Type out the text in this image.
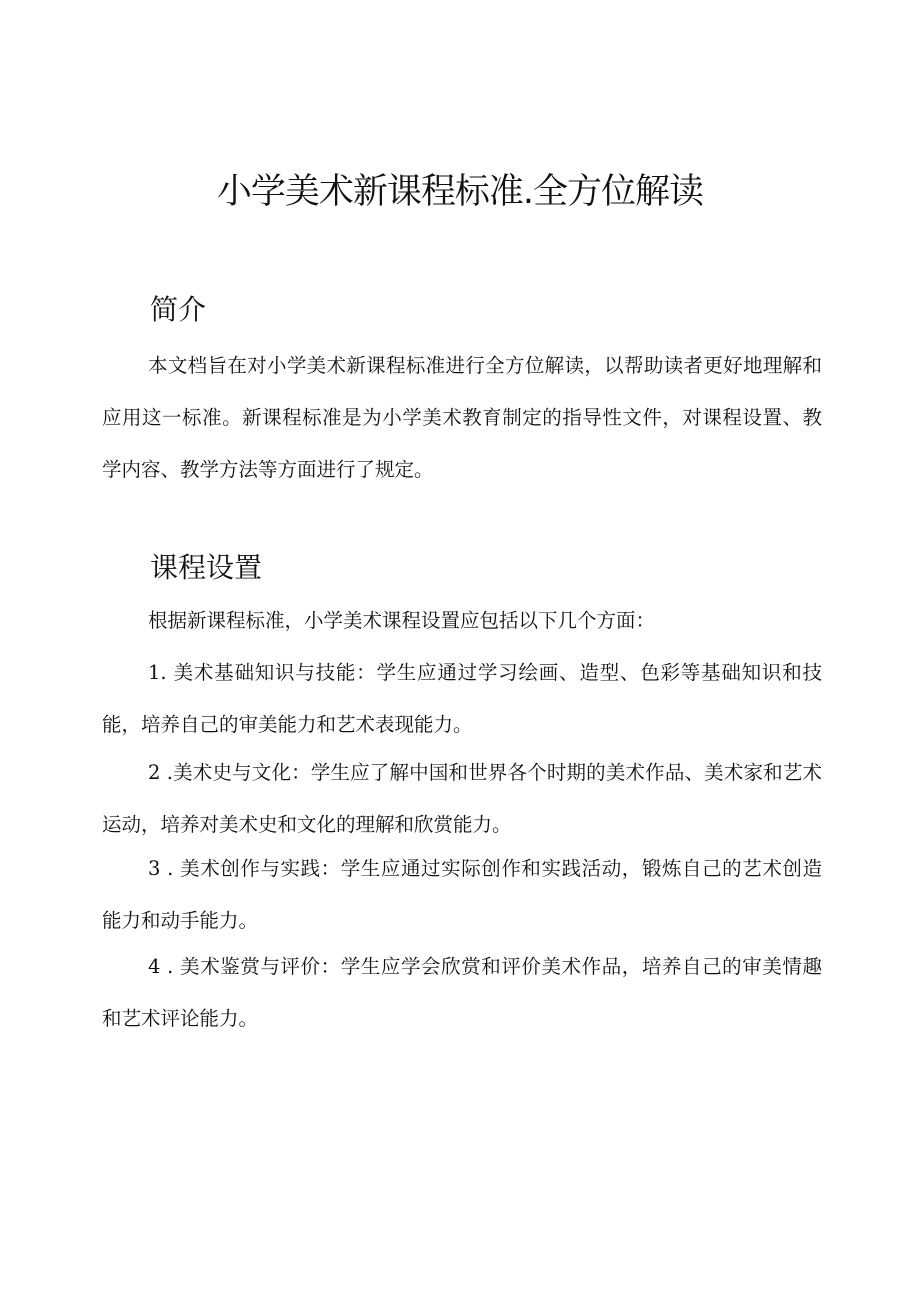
小学美术新课程标准.全方位解读
简介

本文档旨在对小学美术新课程标准进行全方位解读，以帮助读者更好地理解和应用这一标准。新课程标准是为小学美术教育制定的指导性文件，对课程设置、教学内容、教学方法等方面进行了规定。

课程设置

根据新课程标准，小学美术课程设置应包括以下几个方面：

1. 美术基础知识与技能：学生应通过学习绘画、造型、色彩等基础知识和技能，培养自己的审美能力和艺术表现能力。

2 .美术史与文化：学生应了解中国和世界各个时期的美术作品、美术家和艺术运动，培养对美术史和文化的理解和欣赏能力。

3 . 美术创作与实践：学生应通过实际创作和实践活动，锻炼自己的艺术创造能力和动手能力。

4 . 美术鉴赏与评价：学生应学会欣赏和评价美术作品，培养自己的审美情趣和艺术评论能力。
